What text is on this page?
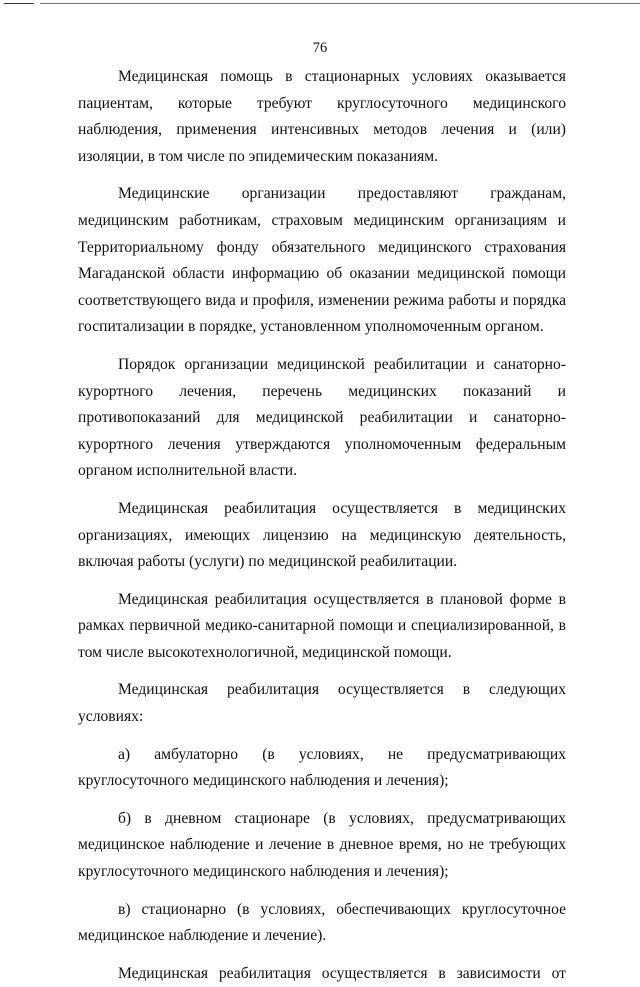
76

Медицинская помощь в стационарных условиях оказывается пациентам, которые требуют круглосуточного медицинского наблюдения, применения интенсивных методов лечения и (или) изоляции, в том числе по эпидемическим показаниям.

Медицинские организации предоставляют гражданам, медицинским работникам, страховым медицинским организациям и Территориальному фонду обязательного медицинского страхования Магаданской области информацию об оказании медицинской помощи соответствующего вида и профиля, изменении режима работы и порядка госпитализации в порядке, установленном уполномоченным органом.

Порядок организации медицинской реабилитации и санаторно-курортного лечения, перечень медицинских показаний и противопоказаний для медицинской реабилитации и санаторно-курортного лечения утверждаются уполномоченным федеральным органом исполнительной власти.

Медицинская реабилитация осуществляется в медицинских организациях, имеющих лицензию на медицинскую деятельность, включая работы (услуги) по медицинской реабилитации.

Медицинская реабилитация осуществляется в плановой форме в рамках первичной медико-санитарной помощи и специализированной, в том числе высокотехнологичной, медицинской помощи.

Медицинская реабилитация осуществляется в следующих условиях:

а) амбулаторно (в условиях, не предусматривающих круглосуточного медицинского наблюдения и лечения);

б) в дневном стационаре (в условиях, предусматривающих медицинское наблюдение и лечение в дневное время, но не требующих круглосуточного медицинского наблюдения и лечения);

в) стационарно (в условиях, обеспечивающих круглосуточное медицинское наблюдение и лечение).

Медицинская реабилитация осуществляется в зависимости от
